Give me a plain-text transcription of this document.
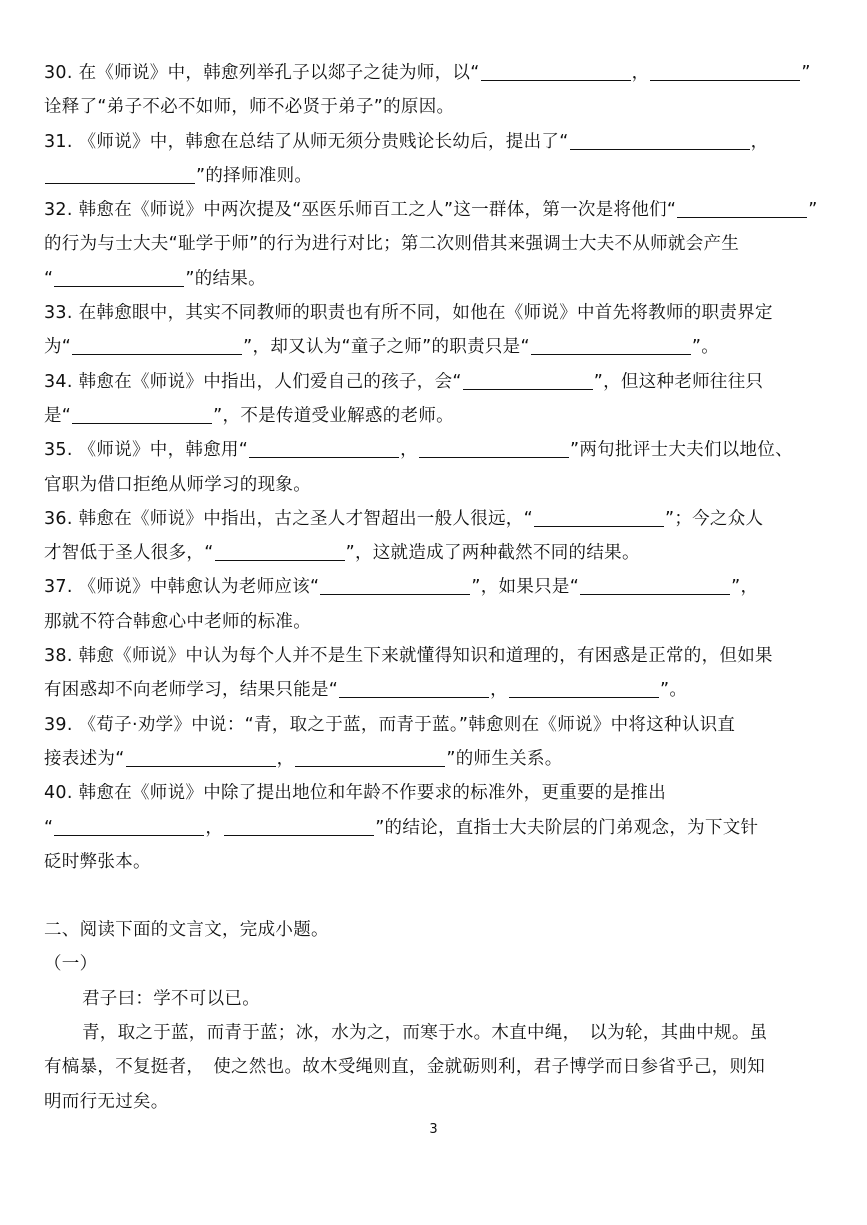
30. 在《师说》中，韩愈列举孔子以郯子之徒为师，以“	，	”
诠释了“弟子不必不如师，师不必贤于弟子”的原因。
31. 《师说》中，韩愈在总结了从师无须分贵贱论长幼后，提出了“	，
”的择师准则。
32. 韩愈在《师说》中两次提及“巫医乐师百工之人”这一群体，第一次是将他们“	”
的行为与士大夫“耻学于师”的行为进行对比；第二次则借其来强调士大夫不从师就会产生
“	”的结果。
33. 在韩愈眼中，其实不同教师的职责也有所不同，如他在《师说》中首先将教师的职责界定
为“	”，却又认为“童子之师”的职责只是“	”。
34. 韩愈在《师说》中指出，人们爱自己的孩子，会“	”，但这种老师往往只
是“	”，不是传道受业解惑的老师。
35. 《师说》中，韩愈用“	，	”两句批评士大夫们以地位、
官职为借口拒绝从师学习的现象。
36. 韩愈在《师说》中指出，古之圣人才智超出一般人很远，“	”；今之众人
才智低于圣人很多，“	”，这就造成了两种截然不同的结果。
37. 《师说》中韩愈认为老师应该“	”，如果只是“	”，
那就不符合韩愈心中老师的标准。
38. 韩愈《师说》中认为每个人并不是生下来就懂得知识和道理的，有困惑是正常的，但如果
有困惑却不向老师学习，结果只能是“	，	”。
39. 《荀子·劝学》中说：“青，取之于蓝，而青于蓝。”韩愈则在《师说》中将这种认识直
接表述为“	，	”的师生关系。
40. 韩愈在《师说》中除了提出地位和年龄不作要求的标准外，更重要的是推出
“	，	”的结论，直指士大夫阶层的门弟观念，为下文针
砭时弊张本。
二、阅读下面的文言文，完成小题。
（一）
君子曰：学不可以已。
青，取之于蓝，而青于蓝；冰，水为之，而寒于水。木直中绳，　以为轮，其曲中规。虽
有槁暴，不复挺者，　使之然也。故木受绳则直，金就砺则利，君子博学而日参省乎己，则知
明而行无过矣。
3
